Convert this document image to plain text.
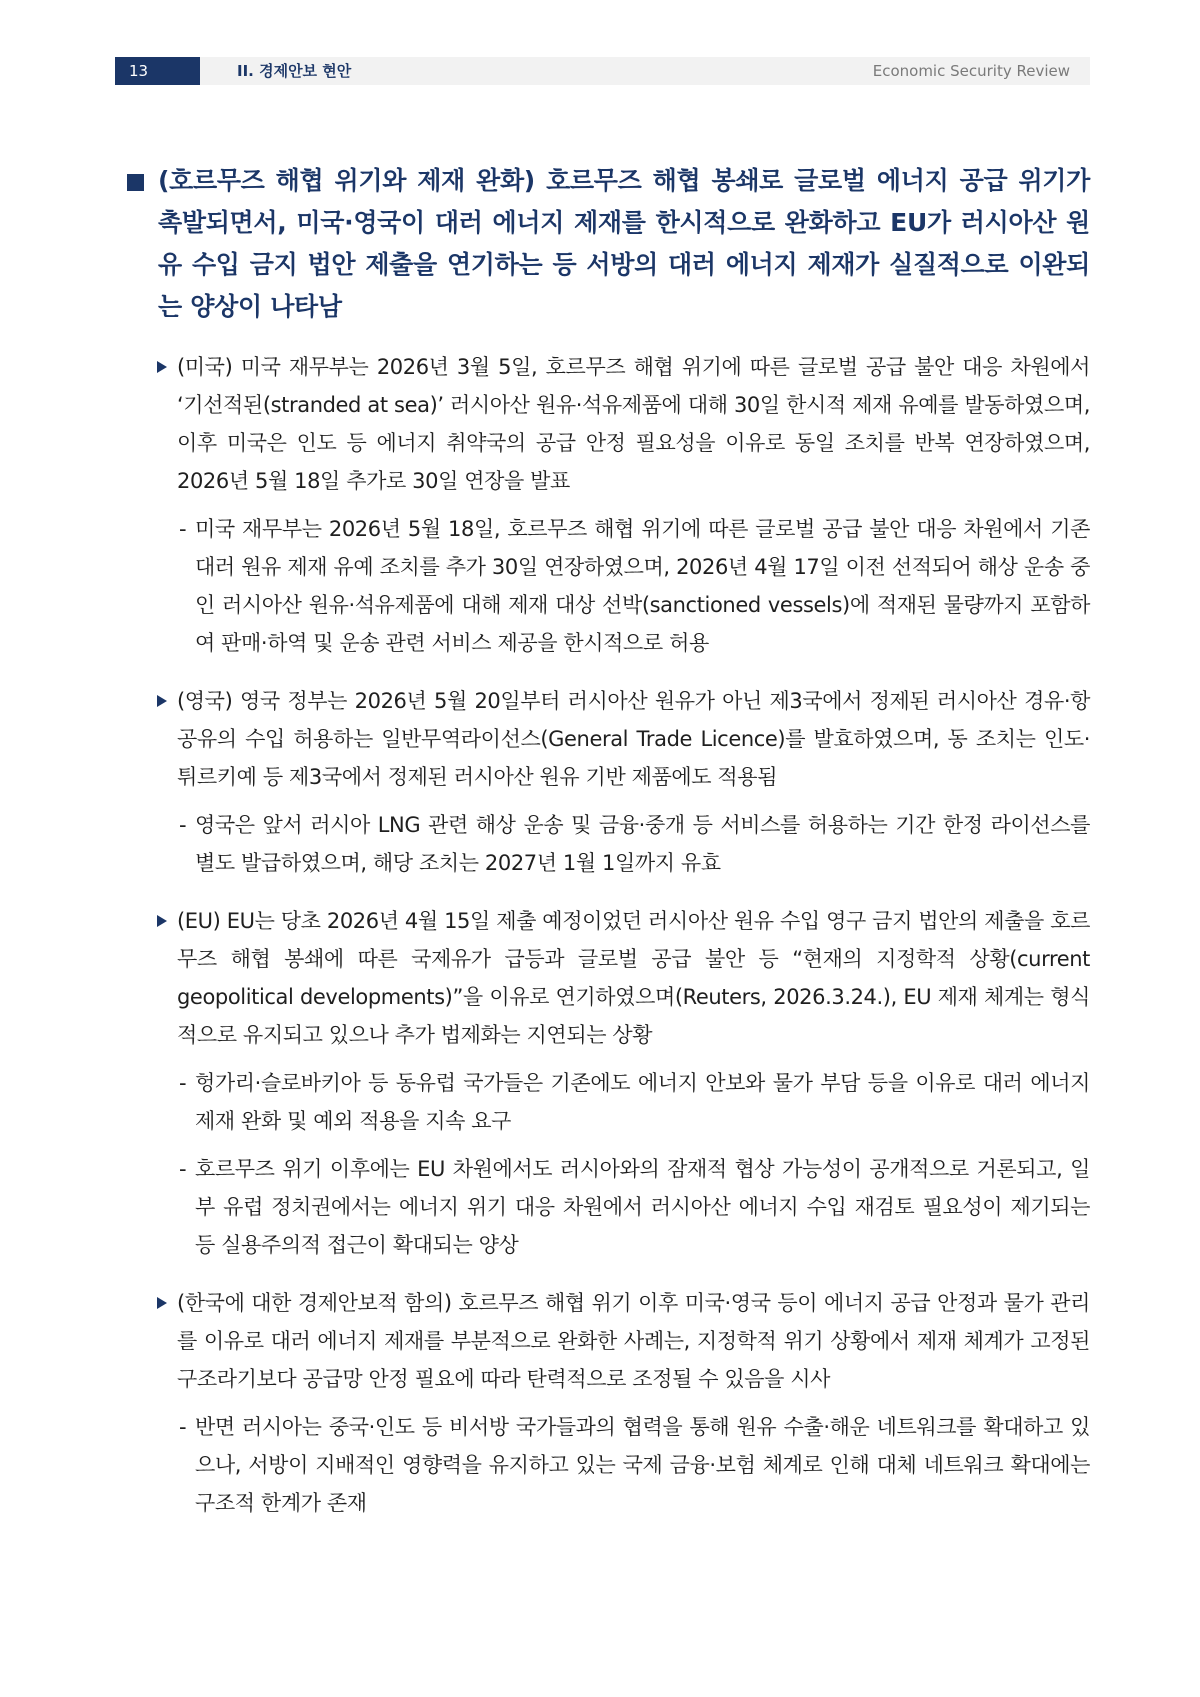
13	II. 경제안보 현안	Economic Security Review
(호르무즈 해협 위기와 제재 완화) 호르무즈 해협 봉쇄로 글로벌 에너지 공급 위기가 촉발되면서, 미국·영국이 대러 에너지 제재를 한시적으로 완화하고 EU가 러시아산 원유 수입 금지 법안 제출을 연기하는 등 서방의 대러 에너지 제재가 실질적으로 이완되는 양상이 나타남
(미국) 미국 재무부는 2026년 3월 5일, 호르무즈 해협 위기에 따른 글로벌 공급 불안 대응 차원에서 ‘기선적된(stranded at sea)’ 러시아산 원유·석유제품에 대해 30일 한시적 제재 유예를 발동하였으며, 이후 미국은 인도 등 에너지 취약국의 공급 안정 필요성을 이유로 동일 조치를 반복 연장하였으며, 2026년 5월 18일 추가로 30일 연장을 발표
- 미국 재무부는 2026년 5월 18일, 호르무즈 해협 위기에 따른 글로벌 공급 불안 대응 차원에서 기존 대러 원유 제재 유예 조치를 추가 30일 연장하였으며, 2026년 4월 17일 이전 선적되어 해상 운송 중인 러시아산 원유·석유제품에 대해 제재 대상 선박(sanctioned vessels)에 적재된 물량까지 포함하여 판매·하역 및 운송 관련 서비스 제공을 한시적으로 허용
(영국) 영국 정부는 2026년 5월 20일부터 러시아산 원유가 아닌 제3국에서 정제된 러시아산 경유·항공유의 수입 허용하는 일반무역라이선스(General Trade Licence)를 발효하였으며, 동 조치는 인도·튀르키예 등 제3국에서 정제된 러시아산 원유 기반 제품에도 적용됨
- 영국은 앞서 러시아 LNG 관련 해상 운송 및 금융·중개 등 서비스를 허용하는 기간 한정 라이선스를 별도 발급하였으며, 해당 조치는 2027년 1월 1일까지 유효
(EU) EU는 당초 2026년 4월 15일 제출 예정이었던 러시아산 원유 수입 영구 금지 법안의 제출을 호르무즈 해협 봉쇄에 따른 국제유가 급등과 글로벌 공급 불안 등 “현재의 지정학적 상황(current geopolitical developments)”을 이유로 연기하였으며(Reuters, 2026.3.24.), EU 제재 체계는 형식적으로 유지되고 있으나 추가 법제화는 지연되는 상황
- 헝가리·슬로바키아 등 동유럽 국가들은 기존에도 에너지 안보와 물가 부담 등을 이유로 대러 에너지 제재 완화 및 예외 적용을 지속 요구
- 호르무즈 위기 이후에는 EU 차원에서도 러시아와의 잠재적 협상 가능성이 공개적으로 거론되고, 일부 유럽 정치권에서는 에너지 위기 대응 차원에서 러시아산 에너지 수입 재검토 필요성이 제기되는 등 실용주의적 접근이 확대되는 양상
(한국에 대한 경제안보적 함의) 호르무즈 해협 위기 이후 미국·영국 등이 에너지 공급 안정과 물가 관리를 이유로 대러 에너지 제재를 부분적으로 완화한 사례는, 지정학적 위기 상황에서 제재 체계가 고정된 구조라기보다 공급망 안정 필요에 따라 탄력적으로 조정될 수 있음을 시사
- 반면 러시아는 중국·인도 등 비서방 국가들과의 협력을 통해 원유 수출·해운 네트워크를 확대하고 있으나, 서방이 지배적인 영향력을 유지하고 있는 국제 금융·보험 체계로 인해 대체 네트워크 확대에는 구조적 한계가 존재
